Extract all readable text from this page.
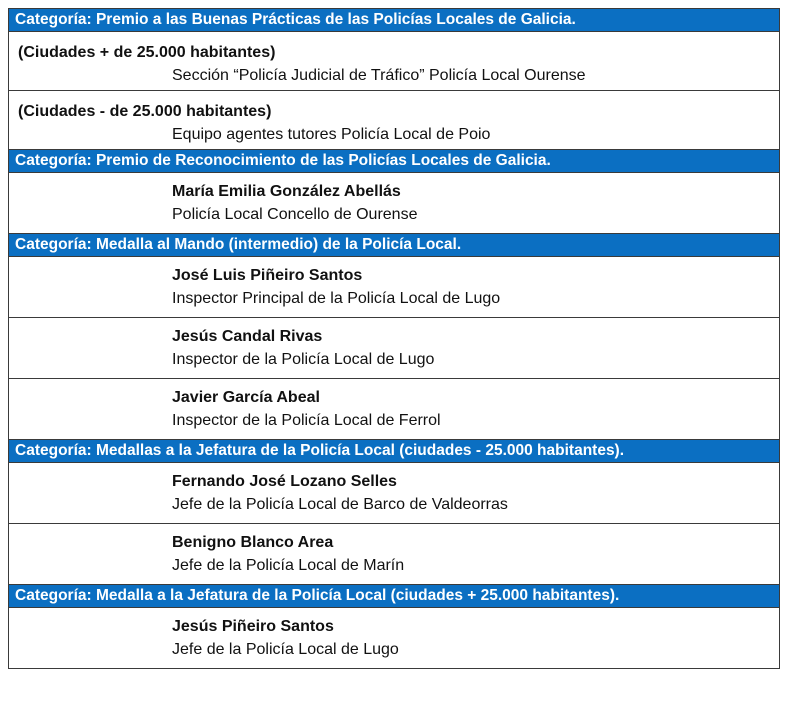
Categoría: Premio a las Buenas Prácticas de las Policías Locales de Galicia.

(Ciudades + de 25.000 habitantes)
Sección “Policía Judicial de Tráfico” Policía Local Ourense

(Ciudades - de 25.000 habitantes)
Equipo agentes tutores Policía Local de Poio

Categoría: Premio de Reconocimiento de las Policías Locales de Galicia.

María Emilia González Abellás
Policía Local Concello de Ourense

Categoría: Medalla al Mando (intermedio) de la Policía Local.

José Luis Piñeiro Santos
Inspector Principal de la Policía Local de Lugo

Jesús Candal Rivas
Inspector de la Policía Local de Lugo

Javier García Abeal
Inspector de la Policía Local de Ferrol

Categoría: Medallas a la Jefatura de la Policía Local (ciudades - 25.000 habitantes).

Fernando José Lozano Selles
Jefe de la Policía Local de Barco de Valdeorras

Benigno Blanco Area
Jefe de la Policía Local de Marín

Categoría: Medalla a la Jefatura de la Policía Local (ciudades + 25.000 habitantes).

Jesús Piñeiro Santos
Jefe de la Policía Local de Lugo
